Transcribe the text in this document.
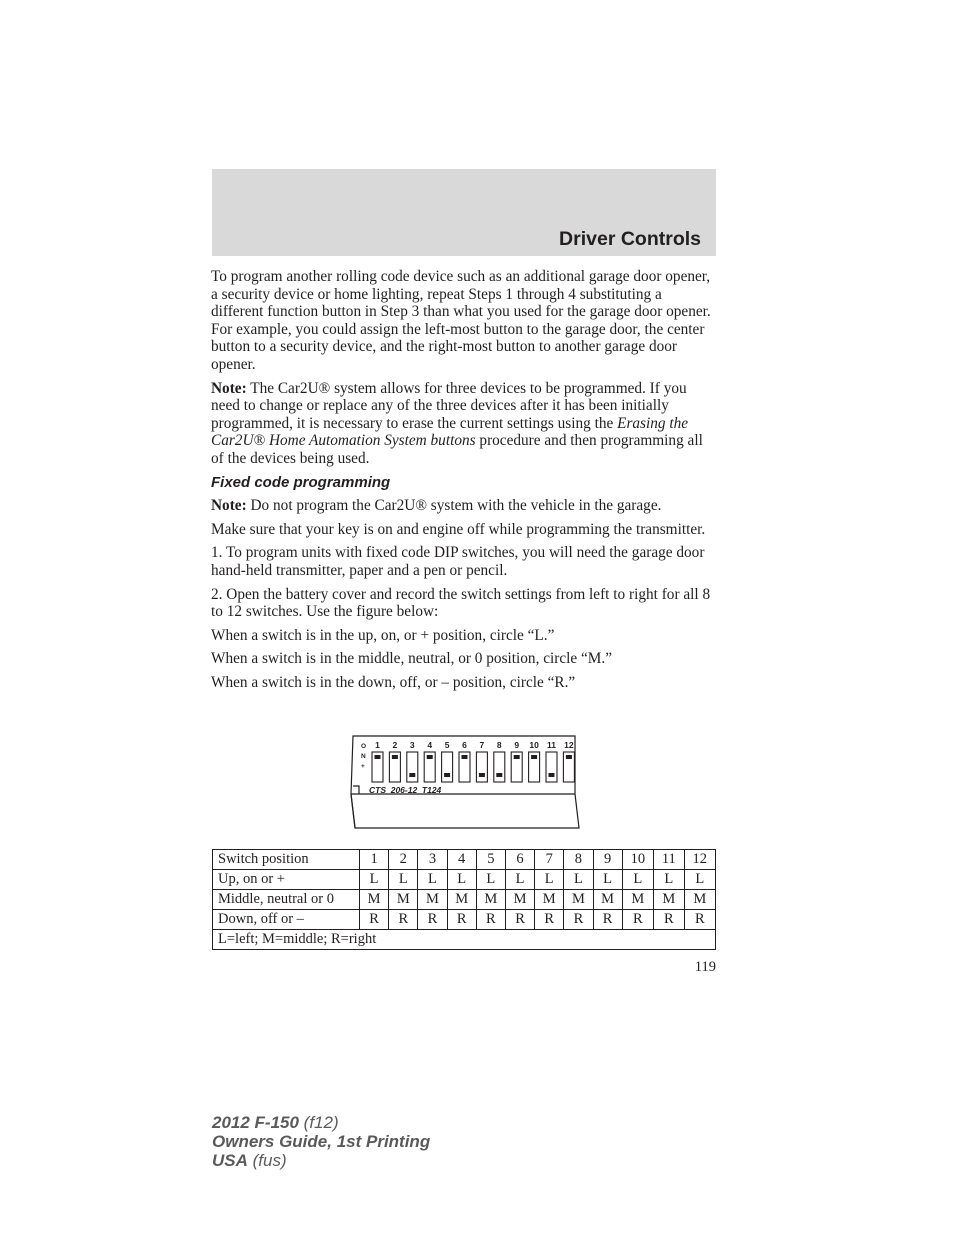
Driver Controls

To program another rolling code device such as an additional garage door opener, a security device or home lighting, repeat Steps 1 through 4 substituting a different function button in Step 3 than what you used for the garage door opener. For example, you could assign the left-most button to the garage door, the center button to a security device, and the right-most button to another garage door opener.

Note: The Car2U® system allows for three devices to be programmed. If you need to change or replace any of the three devices after it has been initially programmed, it is necessary to erase the current settings using the Erasing the Car2U® Home Automation System buttons procedure and then programming all of the devices being used.

Fixed code programming

Note: Do not program the Car2U® system with the vehicle in the garage.

Make sure that your key is on and engine off while programming the transmitter.

1. To program units with fixed code DIP switches, you will need the garage door hand-held transmitter, paper and a pen or pencil.

2. Open the battery cover and record the switch settings from left to right for all 8 to 12 switches. Use the figure below:

When a switch is in the up, on, or + position, circle “L.”

When a switch is in the middle, neutral, or 0 position, circle “M.”

When a switch is in the down, off, or – position, circle “R.”

O
N
+
1 2 3 4 5 6 7 8 9 10 11 12
CTS  206-12  T124
Switch position	1	2	3	4	5	6	7	8	9	10	11	12
Up, on or +	L	L	L	L	L	L	L	L	L	L	L	L
Middle, neutral or 0	M	M	M	M	M	M	M	M	M	M	M	M
Down, off or –	R	R	R	R	R	R	R	R	R	R	R	R
L=left; M=middle; R=right												
119
2012 F-150 (f12)
Owners Guide, 1st Printing
USA (fus)
